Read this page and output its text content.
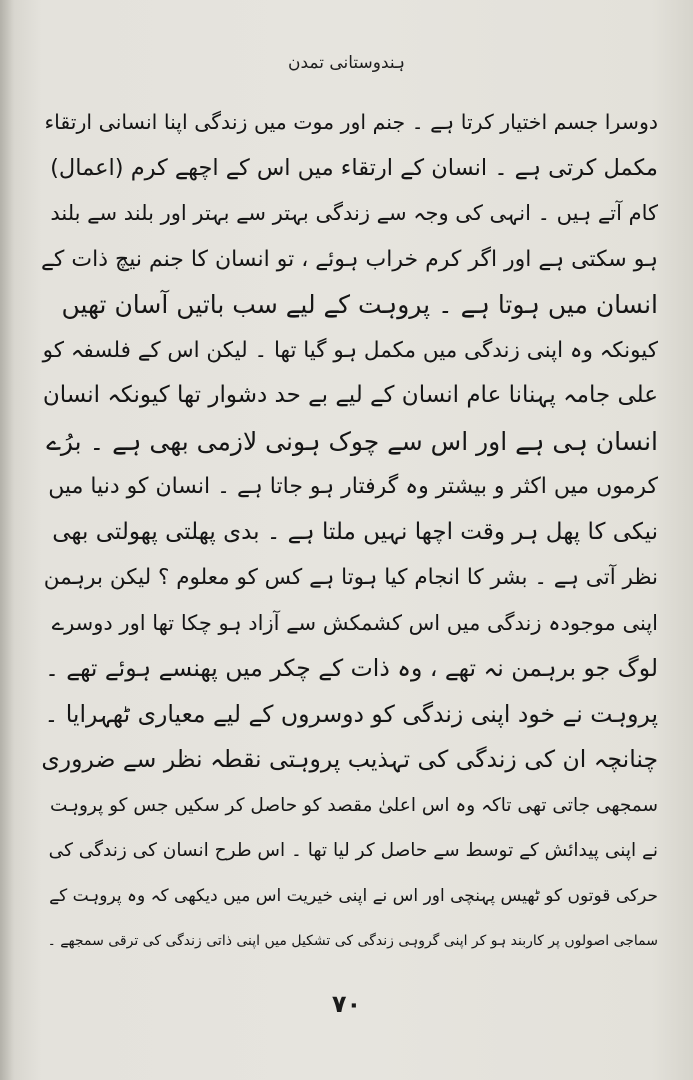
ہندوستانی تمدن
دوسرا جسم اختیار کرتا ہے ۔ جنم اور موت میں زندگی اپنا انسانی ارتقاء
مکمل کرتی ہے ۔ انسان کے ارتقاء میں اس کے اچھے کرم (اعمال)
کام آتے ہیں ۔ انہی کی وجہ سے زندگی بہتر سے بہتر اور بلند سے بلند
ہو سکتی ہے اور اگر کرم خراب ہوئے ، تو انسان کا جنم نیچ ذات کے
انسان میں ہوتا ہے ۔ پروہت کے لیے سب باتیں آسان تھیں
کیونکہ وہ اپنی زندگی میں مکمل ہو گیا تھا ۔ لیکن اس کے فلسفہ کو
علی جامہ پہنانا عام انسان کے لیے بے حد دشوار تھا کیونکہ انسان
انسان ہی ہے اور اس سے چوک ہونی لازمی بھی ہے ۔ برُے
کرموں میں اکثر و بیشتر وہ گرفتار ہو جاتا ہے ۔ انسان کو دنیا میں
نیکی کا پھل ہر وقت اچھا نہیں ملتا ہے ۔ بدی پھلتی پھولتی بھی
نظر آتی ہے ۔ بشر کا انجام کیا ہوتا ہے کس کو معلوم ؟ لیکن برہمن
اپنی موجودہ زندگی میں اس کشمکش سے آزاد ہو چکا تھا اور دوسرے
لوگ جو برہمن نہ تھے ، وہ ذات کے چکر میں پھنسے ہوئے تھے ۔
پروہت نے خود اپنی زندگی کو دوسروں کے لیے معیاری ٹھہرایا ۔
چنانچہ ان کی زندگی کی تہذیب پروہتی نقطہ نظر سے ضروری
سمجھی جاتی تھی تاکہ وہ اس اعلیٰ مقصد کو حاصل کر سکیں جس کو پروہت
نے اپنی پیدائش کے توسط سے حاصل کر لیا تھا ۔ اس طرح انسان کی زندگی کی
حرکی قوتوں کو ٹھیس پہنچی اور اس نے اپنی خیریت اس میں دیکھی کہ وہ پروہت کے
سماجی اصولوں پر کاربند ہو کر اپنی گروہی زندگی کی تشکیل میں اپنی ذاتی زندگی کی ترقی سمجھے ۔
۷۰
